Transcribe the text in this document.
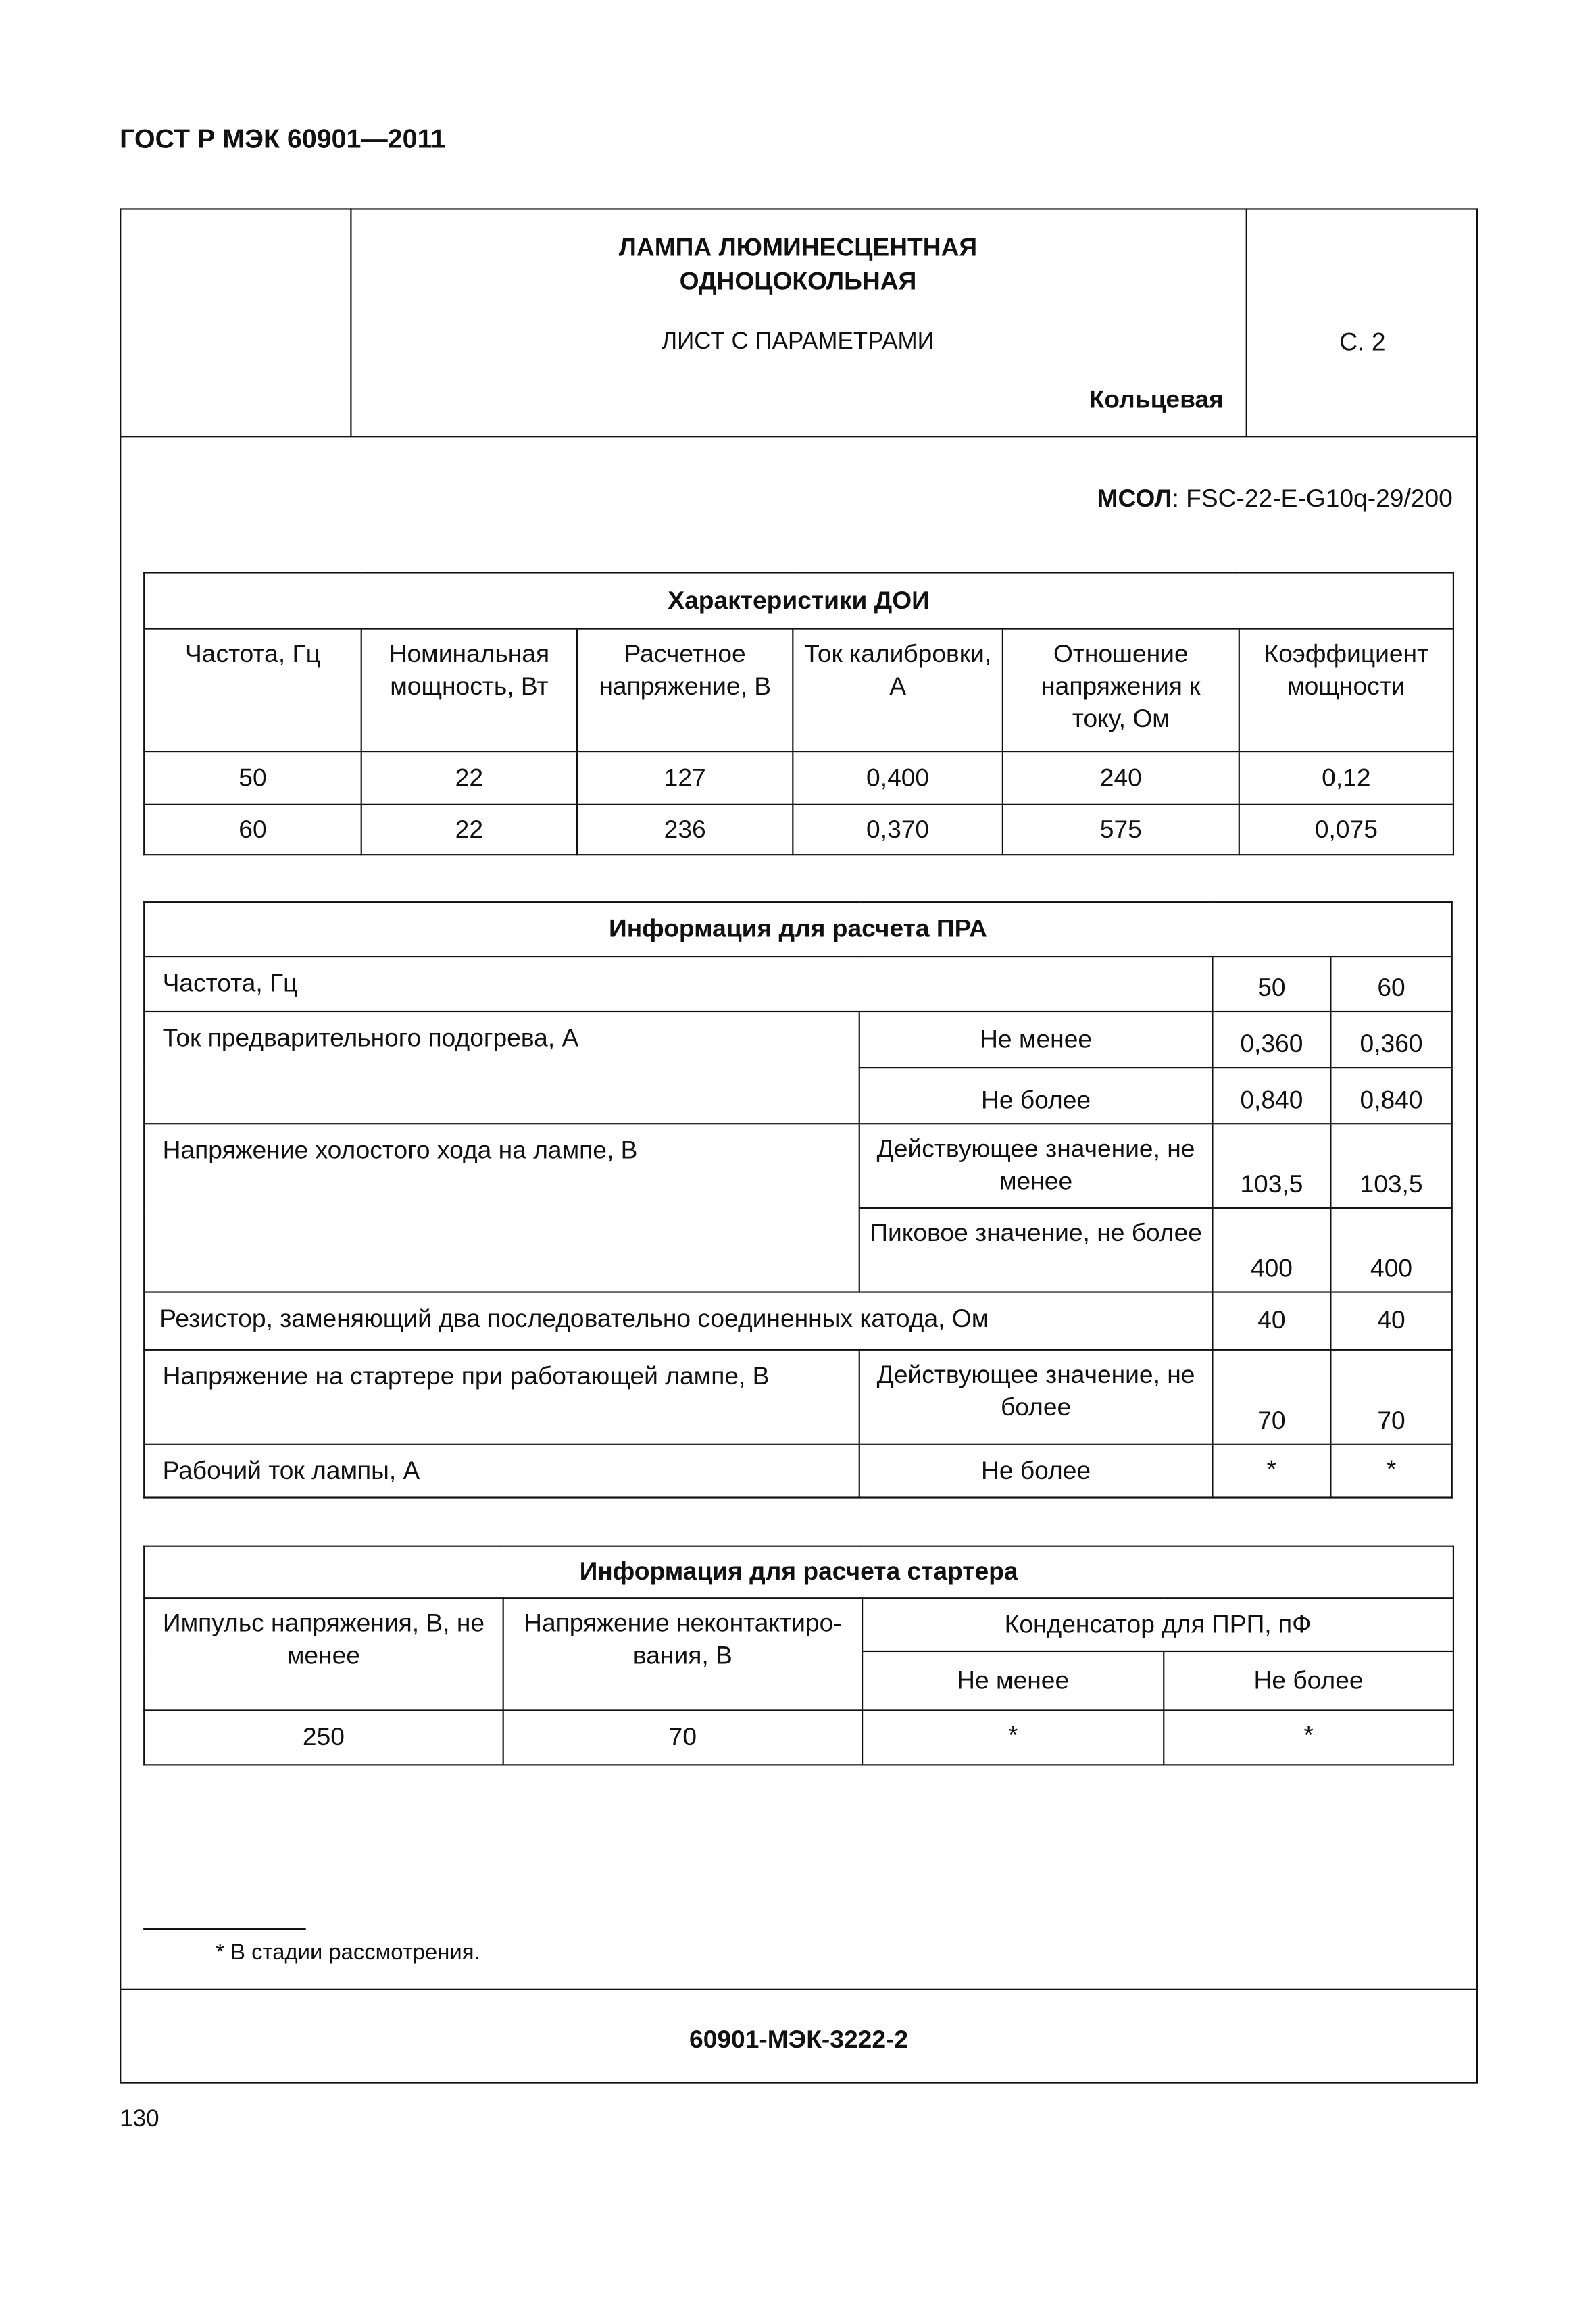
ГОСТ Р МЭК 60901—2011
ЛАМПА ЛЮМИНЕСЦЕНТНАЯ
ОДНОЦОКОЛЬНАЯ
ЛИСТ С ПАРАМЕТРАМИ
Кольцевая
С. 2
МСОЛ: FSC-22-E-G10q-29/200
Характеристики ДОИ					
Частота, Гц	Номинальная мощность, Вт	Расчетное напряжение, В	Ток калибровки, А	Отношение напряжения к току, Ом	Коэффициент мощности
50	22	127	0,400	240	0,12
60	22	236	0,370	575	0,075
Информация для расчета ПРА			
Частота, Гц		50	60
Ток предварительного подогрева, А	Не менее	0,360	0,360
	Не более	0,840	0,840
Напряжение холостого хода на лампе, В	Действующее значение, не менее	103,5	103,5
	Пиковое значение, не более	400	400
Резистор, заменяющий два последовательно соединенных катода, Ом		40	40
Напряжение на стартере при работающей лампе, В	Действующее значение, не более	70	70
Рабочий ток лампы, А	Не более	*	*
Информация для расчета стартера			
Импульс напряжения, В, не менее	Напряжение неконтактиро-вания, В	Конденсатор для ПРП, пФ	
		Не менее	Не более
250	70	*	*
* В стадии рассмотрения.
60901-МЭК-3222-2
130
